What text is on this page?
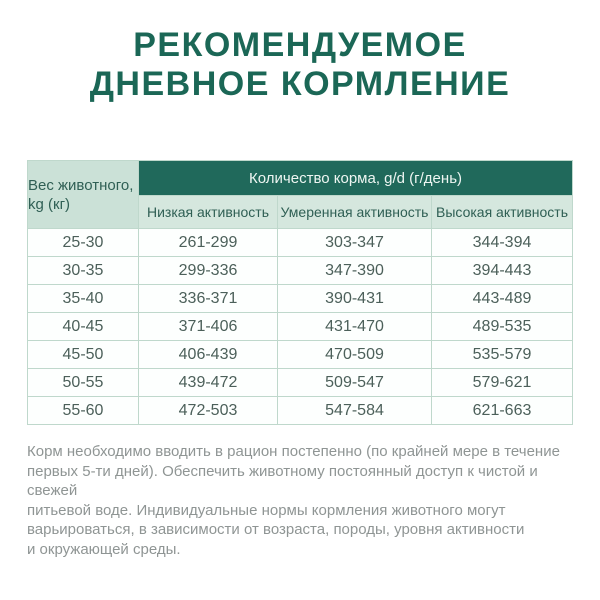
РЕКОМЕНДУЕМОЕ
ДНЕВНОЕ КОРМЛЕНИЕ
Вес животного,
kg (кг)	Количество корма, g/d (г/день)		
	Низкая активность	Умеренная активность	Высокая активность
25-30	261-299	303-347	344-394
30-35	299-336	347-390	394-443
35-40	336-371	390-431	443-489
40-45	371-406	431-470	489-535
45-50	406-439	470-509	535-579
50-55	439-472	509-547	579-621
55-60	472-503	547-584	621-663
Корм необходимо вводить в рацион постепенно (по крайней мере в течение
первых 5-ти дней). Обеспечить животному постоянный доступ к чистой и свежей
питьевой воде. Индивидуальные нормы кормления животного могут
варьироваться, в зависимости от возраста, породы, уровня активности
и окружающей среды.
